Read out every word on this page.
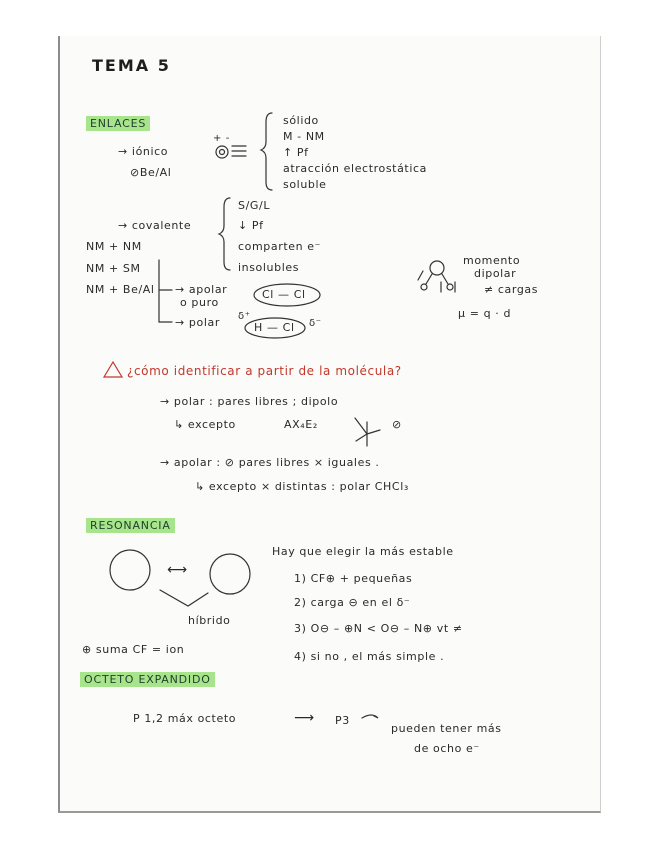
TEMA 5
ENLACES
→ iónico
⊘Be/Al
+ -
sólido
M - NM
↑ Pf
atracción electrostática
soluble
→ covalente
S/G/L
↓ Pf
comparten e⁻
insolubles
NM + NM
NM + SM
NM + Be/Al → apolar
o puro
Cl — Cl
→ polar δ⁺
H — Cl δ⁻
momento
dipolar
≠ cargas
μ = q · d
¿cómo identificar a partir de la molécula?
→ polar : pares libres ; dipolo
↳ excepto	AX₄E₂	⊘
→ apolar : ⊘ pares libres × iguales .
↳ excepto × distintas : polar CHCl₃
RESONANCIA
⟷
híbrido
⊕ suma CF = ion
Hay que elegir la más estable
1) CF⊕ + pequeñas
2) carga ⊖ en el δ⁻
3) O⊖ – ⊕N < O⊖ – N⊕ vt ≠
4) si no , el más simple .
OCTETO EXPANDIDO
P 1,2 máx octeto	⟶ P3
pueden tener más
de ocho e⁻
